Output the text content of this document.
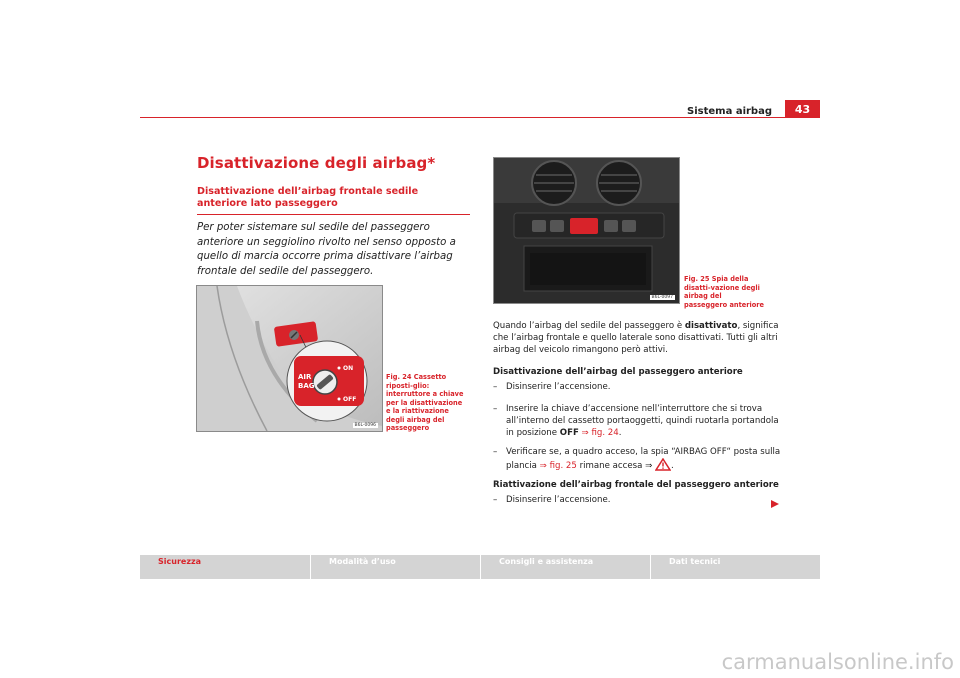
Sistema airbag	43
Disattivazione degli airbag*
Disattivazione dell’airbag frontale sedile anteriore lato passeggero
Per poter sistemare sul sedile del passeggero anteriore un seggiolino rivolto nel senso opposto a quello di marcia occorre prima disattivare l’airbag frontale del sedile del passeggero.
AIR
BAG
ON
OFF
B6L-0096
Fig. 24 Cassetto riposti-glio: interruttore a chiave per la disattivazione e la riattivazione degli airbag del passeggero
B6L-0097
Fig. 25 Spia della disatti-vazione degli airbag del passeggero anteriore
Quando l’airbag del sedile del passeggero è disattivato, significa che l’airbag frontale e quello laterale sono disattivati. Tutti gli altri airbag del veicolo rimangono però attivi.
Disattivazione dell’airbag del passeggero anteriore
–	Disinserire l’accensione.
–	Inserire la chiave d’accensione nell’interruttore che si trova all’interno del cassetto portaoggetti, quindi ruotarla portandola in posizione OFF ⇒ fig. 24.
–	Verificare se, a quadro acceso, la spia “AIRBAG OFF“ posta sulla plancia ⇒ fig. 25 rimane accesa ⇒ .
Riattivazione dell’airbag frontale del passeggero anteriore
–	Disinserire l’accensione.
Sicurezza	Modalità d’uso	Consigli e assistenza	Dati tecnici
carmanualsonline.info
